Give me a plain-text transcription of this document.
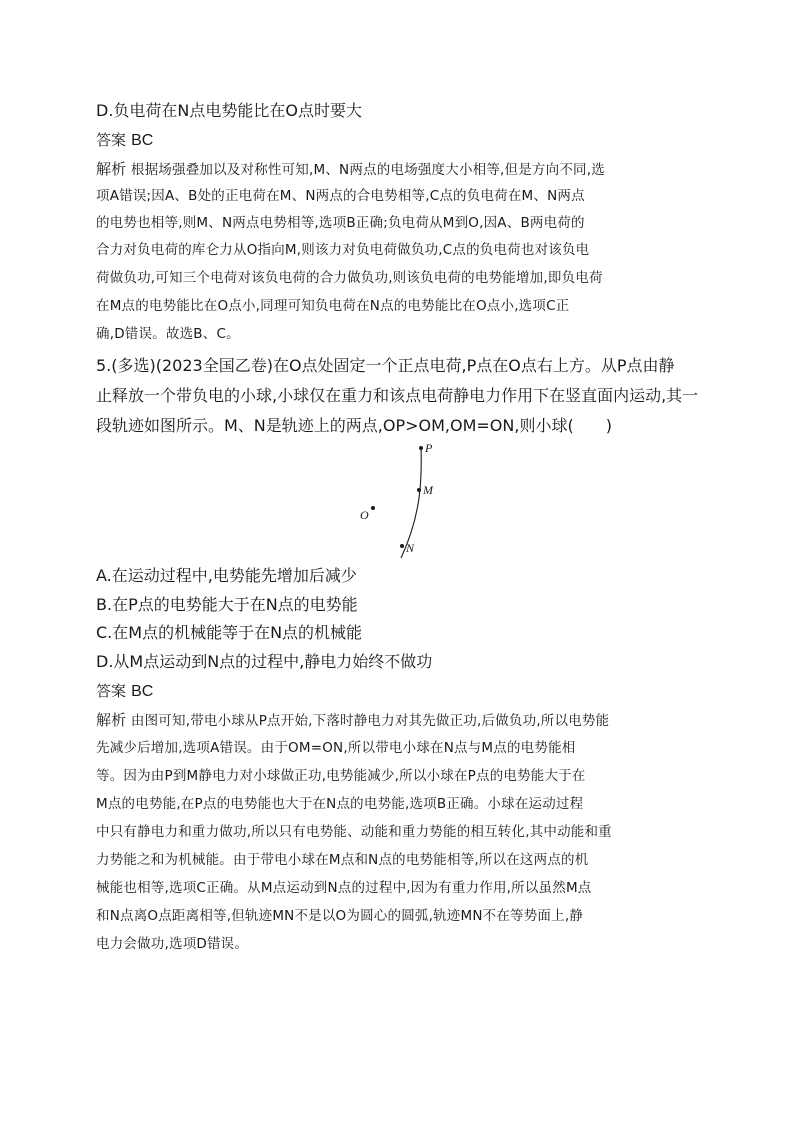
D.负电荷在N点电势能比在O点时要大
答案 BC
解析 根据场强叠加以及对称性可知,M、N两点的电场强度大小相等,但是方向不同,选
项A错误;因A、B处的正电荷在M、N两点的合电势相等,C点的负电荷在M、N两点
的电势也相等,则M、N两点电势相等,选项B正确;负电荷从M到O,因A、B两电荷的
合力对负电荷的库仑力从O指向M,则该力对负电荷做负功,C点的负电荷也对该负电
荷做负功,可知三个电荷对该负电荷的合力做负功,则该负电荷的电势能增加,即负电荷
在M点的电势能比在O点小,同理可知负电荷在N点的电势能比在O点小,选项C正
确,D错误。故选B、C。
5.(多选)(2023全国乙卷)在O点处固定一个正点电荷,P点在O点右上方。从P点由静
止释放一个带负电的小球,小球仅在重力和该点电荷静电力作用下在竖直面内运动,其一
段轨迹如图所示。M、N是轨迹上的两点,OP>OM,OM=ON,则小球(　　)
P
M
O
N
A.在运动过程中,电势能先增加后减少
B.在P点的电势能大于在N点的电势能
C.在M点的机械能等于在N点的机械能
D.从M点运动到N点的过程中,静电力始终不做功
答案 BC
解析 由图可知,带电小球从P点开始,下落时静电力对其先做正功,后做负功,所以电势能
先减少后增加,选项A错误。由于OM=ON,所以带电小球在N点与M点的电势能相
等。因为由P到M静电力对小球做正功,电势能减少,所以小球在P点的电势能大于在
M点的电势能,在P点的电势能也大于在N点的电势能,选项B正确。小球在运动过程
中只有静电力和重力做功,所以只有电势能、动能和重力势能的相互转化,其中动能和重
力势能之和为机械能。由于带电小球在M点和N点的电势能相等,所以在这两点的机
械能也相等,选项C正确。从M点运动到N点的过程中,因为有重力作用,所以虽然M点
和N点离O点距离相等,但轨迹MN不是以O为圆心的圆弧,轨迹MN不在等势面上,静
电力会做功,选项D错误。
